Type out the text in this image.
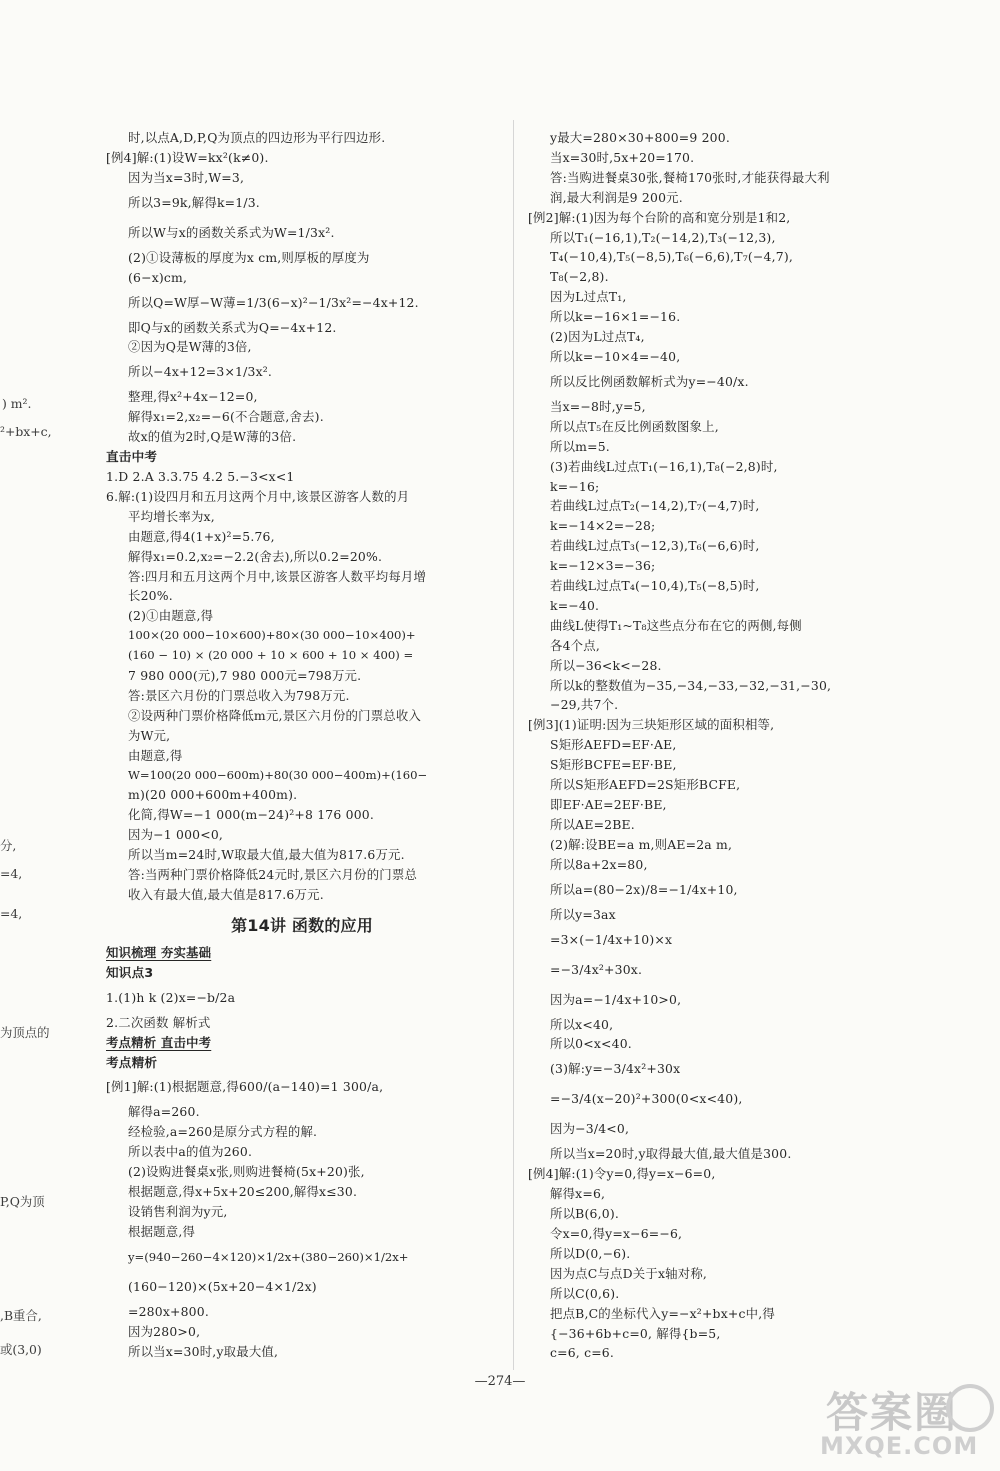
) m².
²+bx+c,
分,
=4,
=4,
为顶点的
P,Q为顶
,B重合,
或(3,0)
时,以点A,D,P,Q为顶点的四边形为平行四边形.
[例4]解:(1)设W=kx²(k≠0).
因为当x=3时,W=3,
所以3=9k,解得k=1/3.
所以W与x的函数关系式为W=1/3x².
(2)①设薄板的厚度为x cm,则厚板的厚度为
(6−x)cm,
所以Q=W厚−W薄=1/3(6−x)²−1/3x²=−4x+12.
即Q与x的函数关系式为Q=−4x+12.
②因为Q是W薄的3倍,
所以−4x+12=3×1/3x².
整理,得x²+4x−12=0,
解得x₁=2,x₂=−6(不合题意,舍去).
故x的值为2时,Q是W薄的3倍.
直击中考
1.D 2.A 3.3.75 4.2 5.−3<x<1
6.解:(1)设四月和五月这两个月中,该景区游客人数的月
平均增长率为x,
由题意,得4(1+x)²=5.76,
解得x₁=0.2,x₂=−2.2(舍去),所以0.2=20%.
答:四月和五月这两个月中,该景区游客人数平均每月增
长20%.
(2)①由题意,得
100×(20 000−10×600)+80×(30 000−10×400)+
(160 − 10) × (20 000 + 10 × 600 + 10 × 400) =
7 980 000(元),7 980 000元=798万元.
答:景区六月份的门票总收入为798万元.
②设两种门票价格降低m元,景区六月份的门票总收入
为W元,
由题意,得
W=100(20 000−600m)+80(30 000−400m)+(160−
m)(20 000+600m+400m).
化简,得W=−1 000(m−24)²+8 176 000.
因为−1 000<0,
所以当m=24时,W取最大值,最大值为817.6万元.
答:当两种门票价格降低24元时,景区六月份的门票总
收入有最大值,最大值是817.6万元.
第14讲 函数的应用
知识梳理 夯实基础
知识点3
1.(1)h k (2)x=−b/2a
2.二次函数 解析式
考点精析 直击中考
考点精析
[例1]解:(1)根据题意,得600/(a−140)=1 300/a,
解得a=260.
经检验,a=260是原分式方程的解.
所以表中a的值为260.
(2)设购进餐桌x张,则购进餐椅(5x+20)张,
根据题意,得x+5x+20≤200,解得x≤30.
设销售利润为y元,
根据题意,得
y=(940−260−4×120)×1/2x+(380−260)×1/2x+
(160−120)×(5x+20−4×1/2x)
=280x+800.
因为280>0,
所以当x=30时,y取最大值,
y最大=280×30+800=9 200.
当x=30时,5x+20=170.
答:当购进餐桌30张,餐椅170张时,才能获得最大利
润,最大利润是9 200元.
[例2]解:(1)因为每个台阶的高和宽分别是1和2,
所以T₁(−16,1),T₂(−14,2),T₃(−12,3),
T₄(−10,4),T₅(−8,5),T₆(−6,6),T₇(−4,7),
T₈(−2,8).
因为L过点T₁,
所以k=−16×1=−16.
(2)因为L过点T₄,
所以k=−10×4=−40,
所以反比例函数解析式为y=−40/x.
当x=−8时,y=5,
所以点T₅在反比例函数图象上,
所以m=5.
(3)若曲线L过点T₁(−16,1),T₈(−2,8)时,
k=−16;
若曲线L过点T₂(−14,2),T₇(−4,7)时,
k=−14×2=−28;
若曲线L过点T₃(−12,3),T₆(−6,6)时,
k=−12×3=−36;
若曲线L过点T₄(−10,4),T₅(−8,5)时,
k=−40.
曲线L使得T₁~T₈这些点分布在它的两侧,每侧
各4个点,
所以−36<k<−28.
所以k的整数值为−35,−34,−33,−32,−31,−30,
−29,共7个.
[例3](1)证明:因为三块矩形区域的面积相等,
S矩形AEFD=EF·AE,
S矩形BCFE=EF·BE,
所以S矩形AEFD=2S矩形BCFE,
即EF·AE=2EF·BE,
所以AE=2BE.
(2)解:设BE=a m,则AE=2a m,
所以8a+2x=80,
所以a=(80−2x)/8=−1/4x+10,
所以y=3ax
=3×(−1/4x+10)×x
=−3/4x²+30x.
因为a=−1/4x+10>0,
所以x<40,
所以0<x<40.
(3)解:y=−3/4x²+30x
=−3/4(x−20)²+300(0<x<40),
因为−3/4<0,
所以当x=20时,y取得最大值,最大值是300.
[例4]解:(1)令y=0,得y=x−6=0,
解得x=6,
所以B(6,0).
令x=0,得y=x−6=−6,
所以D(0,−6).
因为点C与点D关于x轴对称,
所以C(0,6).
把点B,C的坐标代入y=−x²+bx+c中,得
{−36+6b+c=0, 解得{b=5,
c=6, c=6.
—274—
答案圈
MXQE.COM
